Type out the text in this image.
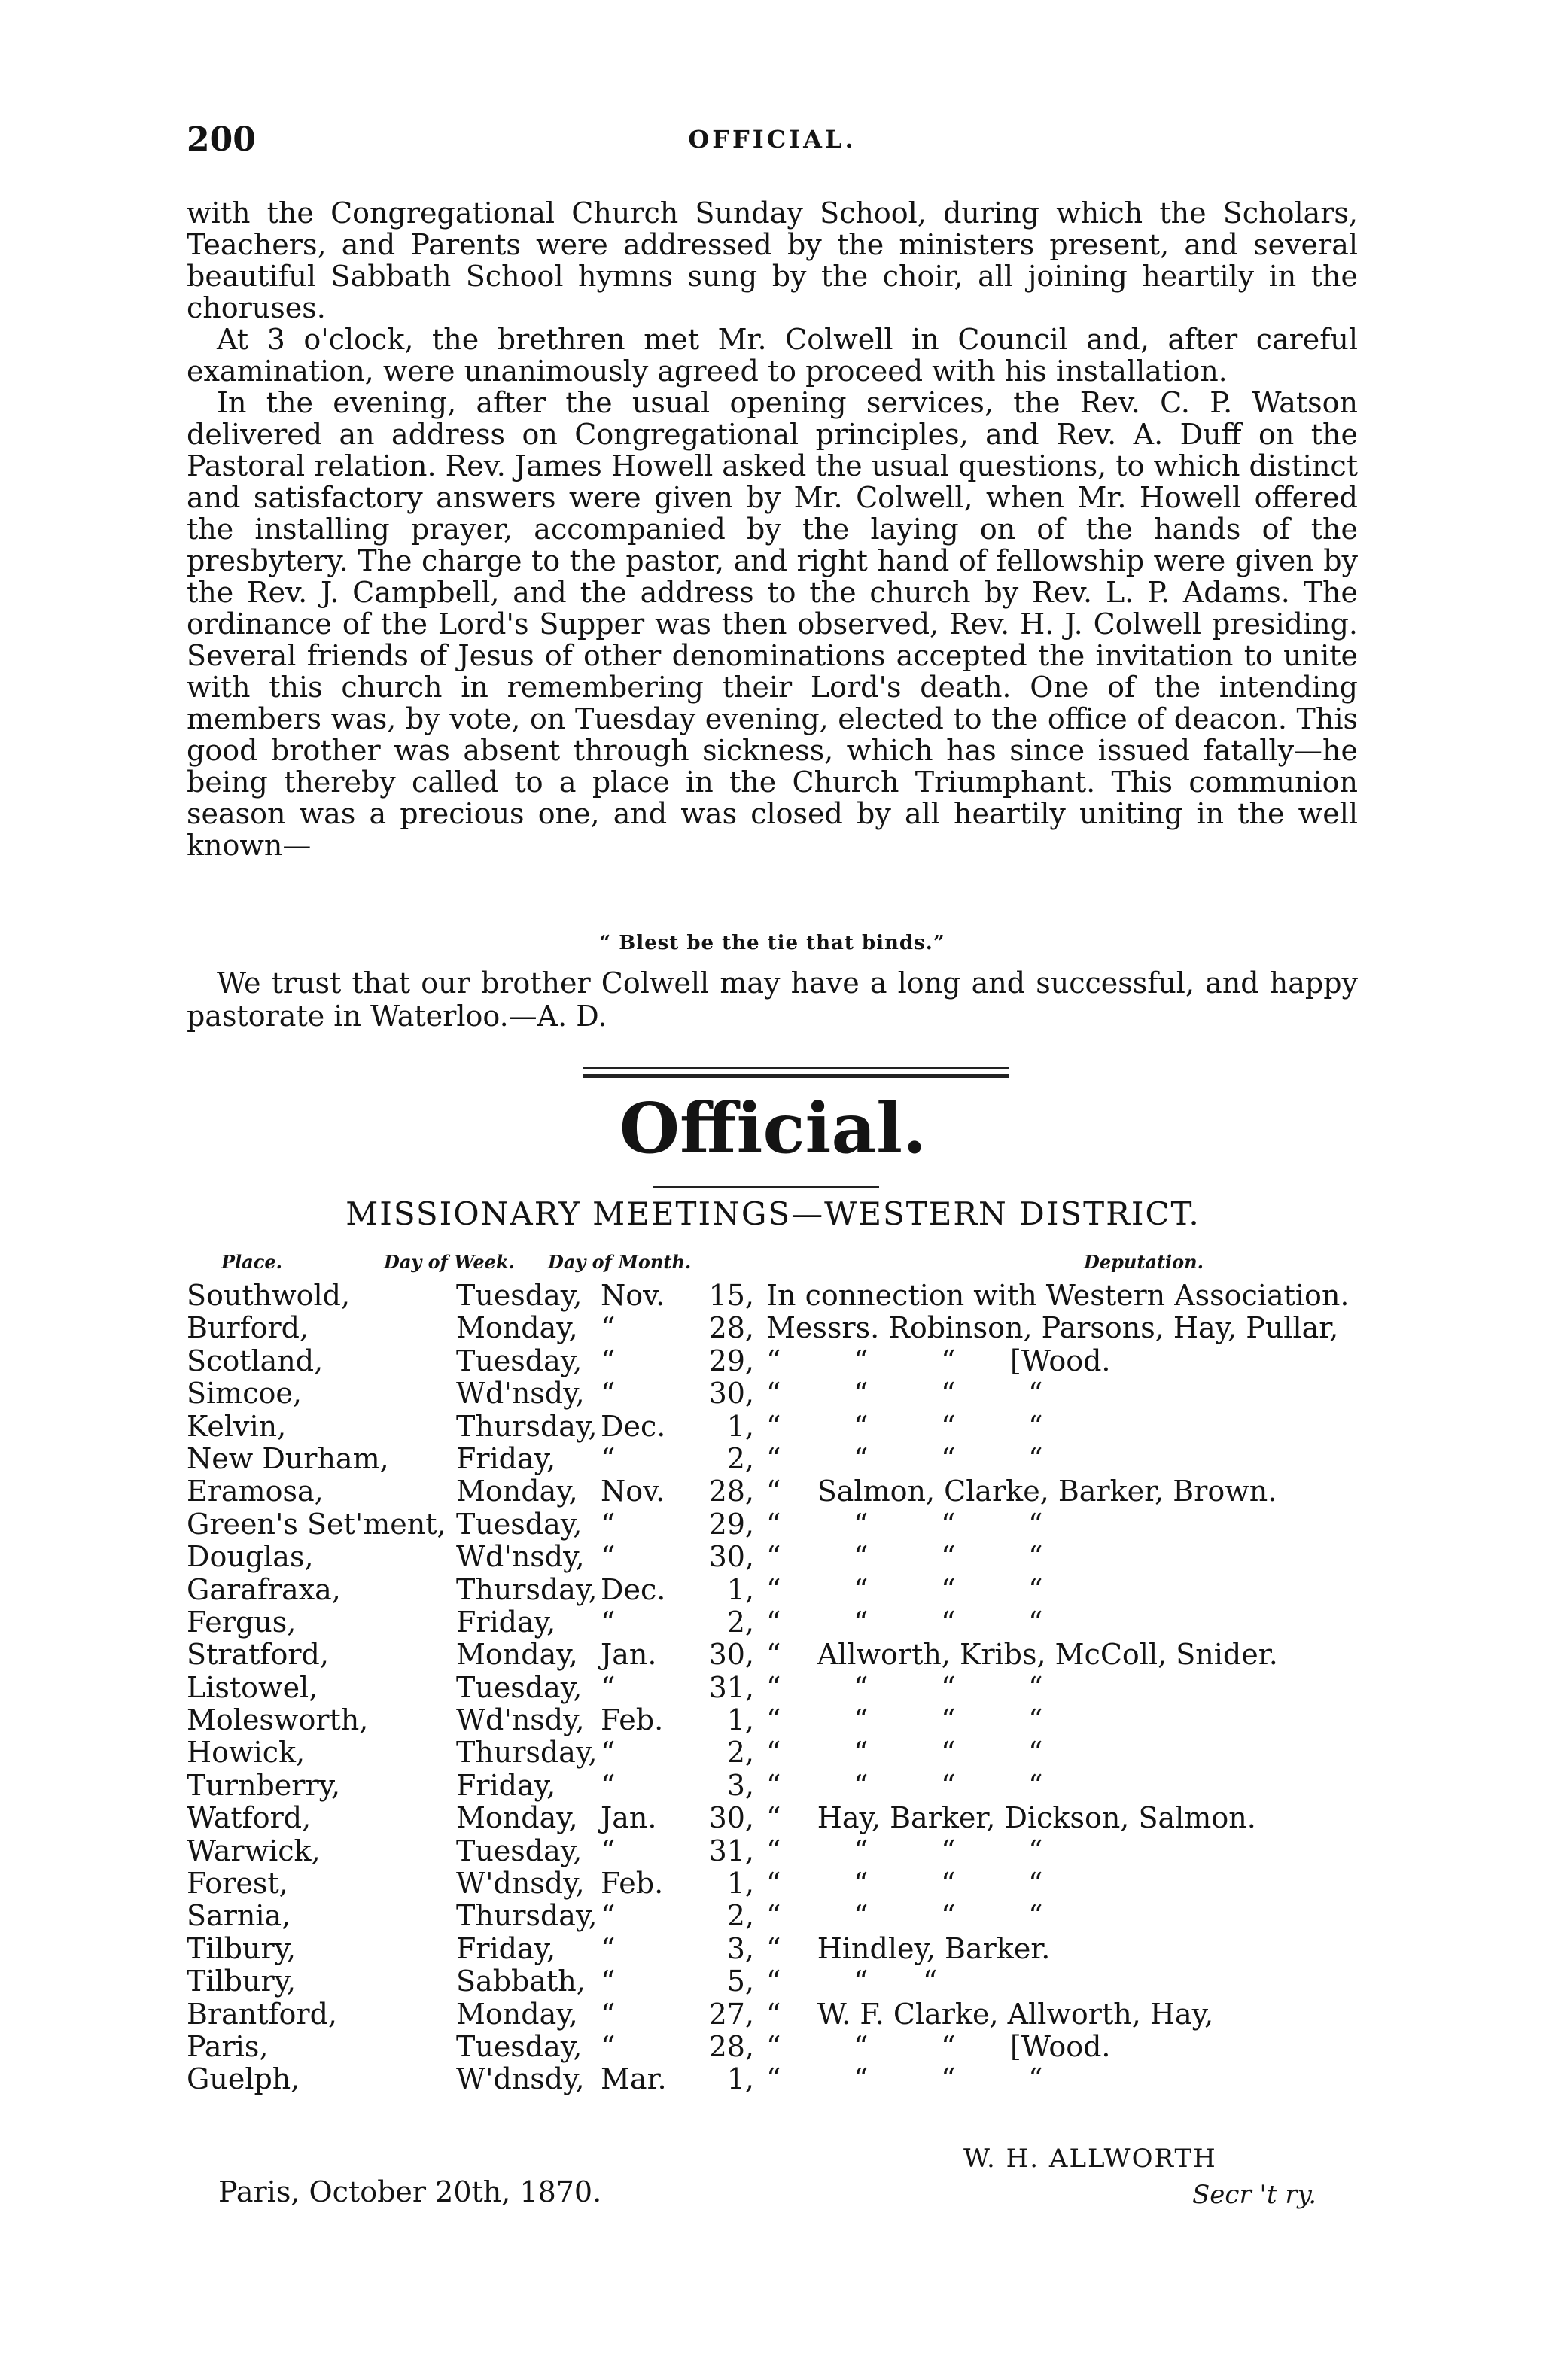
200	OFFICIAL.

with the Congregational Church Sunday School, during which the Scholars, Teachers, and Parents were addressed by the ministers present, and several beautiful Sabbath School hymns sung by the choir, all joining heartily in the choruses.

At 3 o'clock, the brethren met Mr. Colwell in Council and, after careful examination, were unanimously agreed to proceed with his installation.

In the evening, after the usual opening services, the Rev. C. P. Watson delivered an address on Congregational principles, and Rev. A. Duff on the Pastoral relation. Rev. James Howell asked the usual questions, to which distinct and satisfactory answers were given by Mr. Colwell, when Mr. Howell offered the installing prayer, accompanied by the laying on of the hands of the presbytery. The charge to the pastor, and right hand of fellowship were given by the Rev. J. Campbell, and the address to the church by Rev. L. P. Adams. The ordinance of the Lord's Supper was then observed, Rev. H. J. Colwell presiding. Several friends of Jesus of other denominations accepted the invitation to unite with this church in remembering their Lord's death. One of the intending members was, by vote, on Tuesday evening, elected to the office of deacon. This good brother was absent through sickness, which has since issued fatally—he being thereby called to a place in the Church Triumphant. This communion season was a precious one, and was closed by all heartily uniting in the well known—

“ Blest be the tie that binds.”

We trust that our brother Colwell may have a long and successful, and happy pastorate in Waterloo.—A. D.

Official.
MISSIONARY MEETINGS—WESTERN DISTRICT.
Place.	Day of Week. Day of Month.	Deputation.
Southwold,	Tuesday, Nov. 15, In connection with Western Association.
Burford,	Monday, “	28, Messrs. Robinson, Parsons, Hay, Pullar,
Scotland,	Tuesday, “	29, “        “        “      [Wood.
Simcoe,	Wd'nsdy, “	30, “        “        “        “
Kelvin,	Thursday, Dec.	1, “        “        “        “
New Durham, Friday, “	2, “        “        “        “
Eramosa,	Monday, Nov. 28, “    Salmon, Clarke, Barker, Brown.
Green's Set'ment, Tuesday, “	29, “        “        “        “
Douglas,	Wd'nsdy, “	30, “        “        “        “
Garafraxa,	Thursday, Dec.	1, “        “        “        “
Fergus,	Friday, “	2, “        “        “        “
Stratford,	Monday, Jan. 30, “    Allworth, Kribs, McColl, Snider.
Listowel,	Tuesday, “	31, “        “        “        “
Molesworth,	Wd'nsdy, Feb.	1, “        “        “        “
Howick,	Thursday, “	2, “        “        “        “
Turnberry,	Friday, “	3, “        “        “        “
Watford,	Monday, Jan. 30, “    Hay, Barker, Dickson, Salmon.
Warwick,	Tuesday, “	31, “        “        “        “
Forest,	W'dnsdy, Feb.	1, “        “        “        “
Sarnia,	Thursday, “	2, “        “        “        “
Tilbury,	Friday, “	3, “    Hindley, Barker.
Tilbury,	Sabbath, “	5, “        “      “
Brantford,	Monday, “	27, “    W. F. Clarke, Allworth, Hay,
Paris,	Tuesday, “	28, “        “        “      [Wood.
Guelph,	W'dnsdy, Mar.	1, “        “        “        “
W. H. ALLWORTH
Secr 't ry.
Paris, October 20th, 1870.
